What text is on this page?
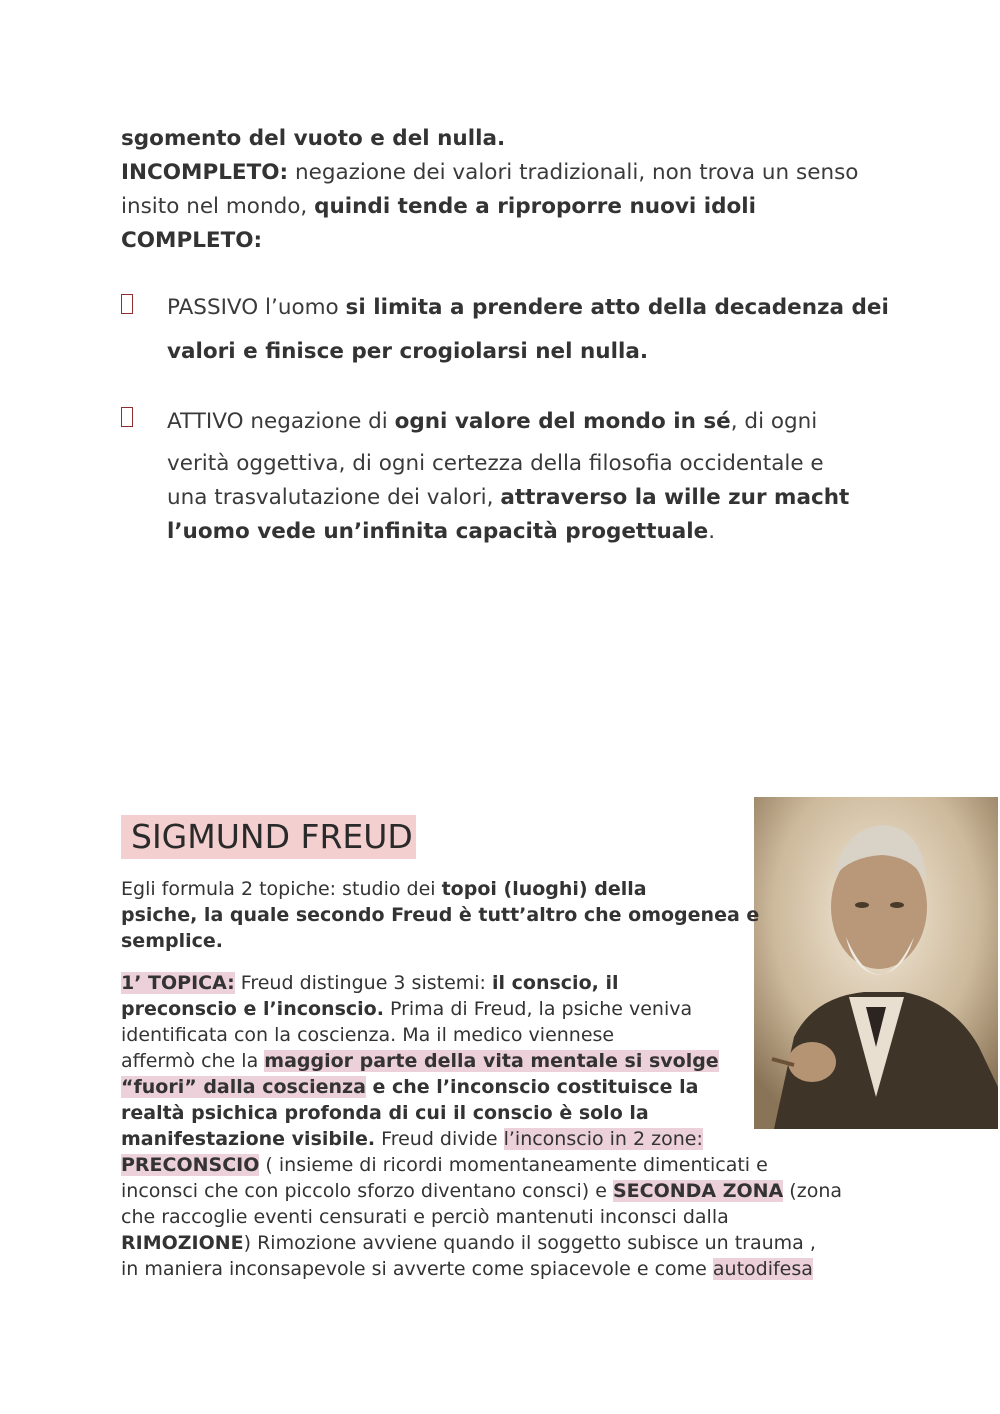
sgomento del vuoto e del nulla.

INCOMPLETO: negazione dei valori tradizionali, non trova un senso

insito nel mondo, quindi tende a riproporre nuovi idoli

COMPLETO:

PASSIVO l’uomo si limita a prendere atto della decadenza dei
valori e finisce per crogiolarsi nel nulla.
ATTIVO negazione di ogni valore del mondo in sé, di ogni
verità oggettiva, di ogni certezza della filosofia occidentale e
una trasvalutazione dei valori, attraverso la wille zur macht
l’uomo vede un’infinita capacità progettuale.
SIGMUND FREUD
Egli formula 2 topiche: studio dei topoi (luoghi) della
psiche, la quale secondo Freud è tutt’altro che omogenea e
semplice.
1’ TOPICA: Freud distingue 3 sistemi: il conscio, il
preconscio e l’inconscio. Prima di Freud, la psiche veniva
identificata con la coscienza. Ma il medico viennese
affermò che la maggior parte della vita mentale si svolge
“fuori” dalla coscienza e che l’inconscio costituisce la
realtà psichica profonda di cui il conscio è solo la
manifestazione visibile. Freud divide l’inconscio in 2 zone:
PRECONSCIO ( insieme di ricordi momentaneamente dimenticati e
inconsci che con piccolo sforzo diventano consci) e SECONDA ZONA (zona
che raccoglie eventi censurati e perciò mantenuti inconsci dalla
RIMOZIONE) Rimozione avviene quando il soggetto subisce un trauma ,
in maniera inconsapevole si avverte come spiacevole e come autodifesa
